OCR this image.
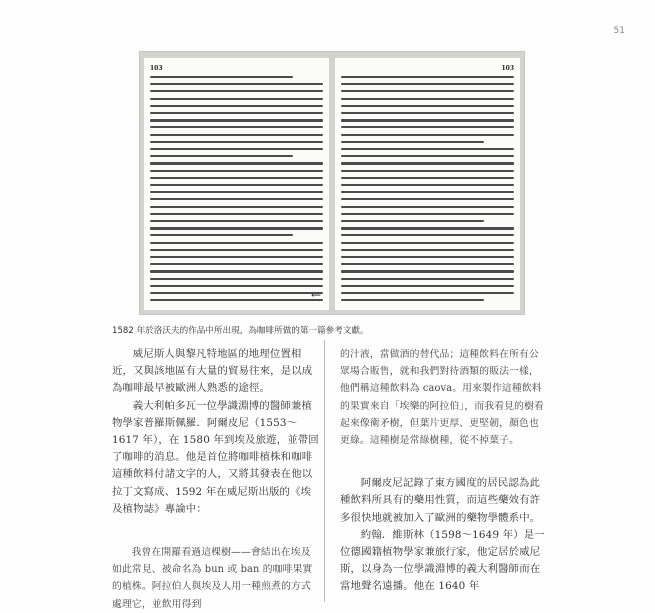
51
103
←
103
1582 年於洛沃夫的作品中所出現，為咖啡所做的第一篇參考文獻。

威尼斯人與黎凡特地區的地理位置相近，又與該地區有大量的貿易往來，是以成為咖啡最早被歐洲人熟悉的途徑。

義大利帕多瓦一位學識淵博的醫師兼植物學家普羅斯佩羅．阿爾皮尼（1553～1617 年），在 1580 年到埃及旅遊，並帶回了咖啡的消息。他是首位將咖啡植株和咖啡這種飲料付諸文字的人，又將其發表在他以拉丁文寫成、1592 年在威尼斯出版的《埃及植物誌》專論中：

我曾在開羅看過這棵樹——會結出在埃及如此常見、被命名為 bun 或 ban 的咖啡果實的植株。阿拉伯人與埃及人用一種煎煮的方式處理它，並飲用得到

的汁液，當做酒的替代品；這種飲料在所有公眾場合販售，就和我們對待酒類的販法一樣，他們稱這種飲料為 caova。用來製作這種飲料的果實來自「埃樂的阿拉伯」，而我看見的樹看起來像衛矛樹，但葉片更厚、更堅韌，顏色也更綠。這種樹是常綠樹種，從不掉葉子。

阿爾皮尼記錄了東方國度的居民認為此種飲料所具有的藥用性質，而這些藥效有許多很快地就被加入了歐洲的藥物學體系中。

約翰．維斯林（1598～1649 年）是一位德國籍植物學家兼旅行家，他定居於威尼斯，以身為一位學識淵博的義大利醫師而在當地聲名遠播。他在 1640 年
